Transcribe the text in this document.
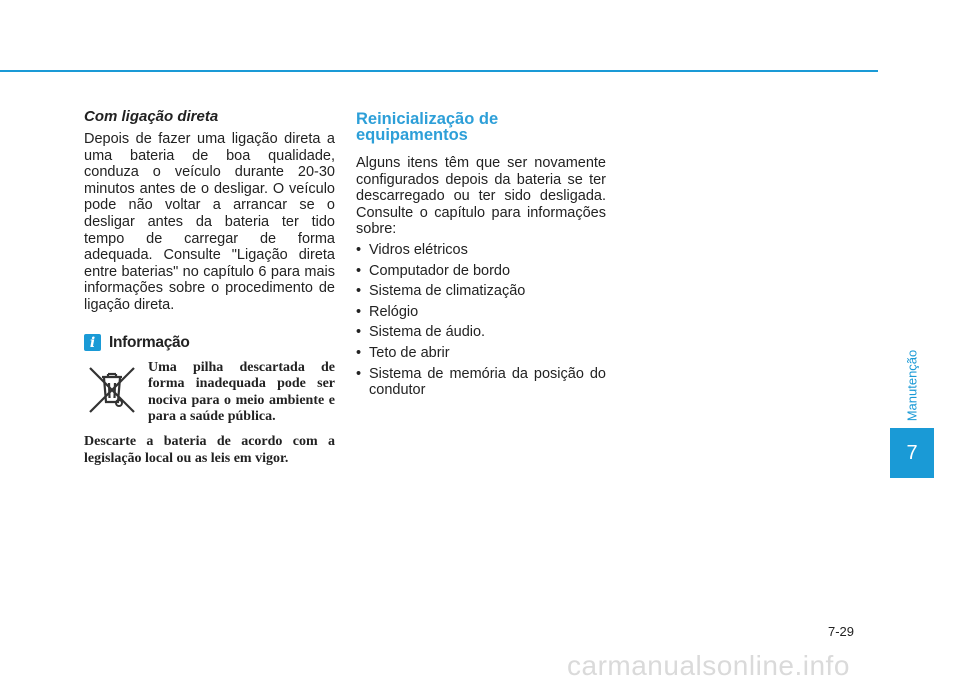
Com ligação direta

Depois de fazer uma ligação direta a uma bateria de boa qualidade, conduza o veículo durante 20-30 minutos antes de o desligar. O veículo pode não voltar a arrancar se o desligar antes da bateria ter tido tempo de carregar de forma adequada. Consulte "Ligação direta entre baterias" no capítulo 6 para mais informações sobre o procedimento de ligação direta.

i Informação

Uma pilha descartada de forma inadequada pode ser nociva para o meio ambiente e para a saúde pública.

Descarte a bateria de acordo com a legislação local ou as leis em vigor.

Reinicialização de equipamentos

Alguns itens têm que ser novamente configurados depois da bateria se ter descarregado ou ter sido desligada. Consulte o capítulo para informações sobre:

• Vidros elétricos
• Computador de bordo
• Sistema de climatização
• Relógio
• Sistema de áudio.
• Teto de abrir
• Sistema de memória da posição do condutor	Manutenção
7
7-29
carmanualsonline.info
